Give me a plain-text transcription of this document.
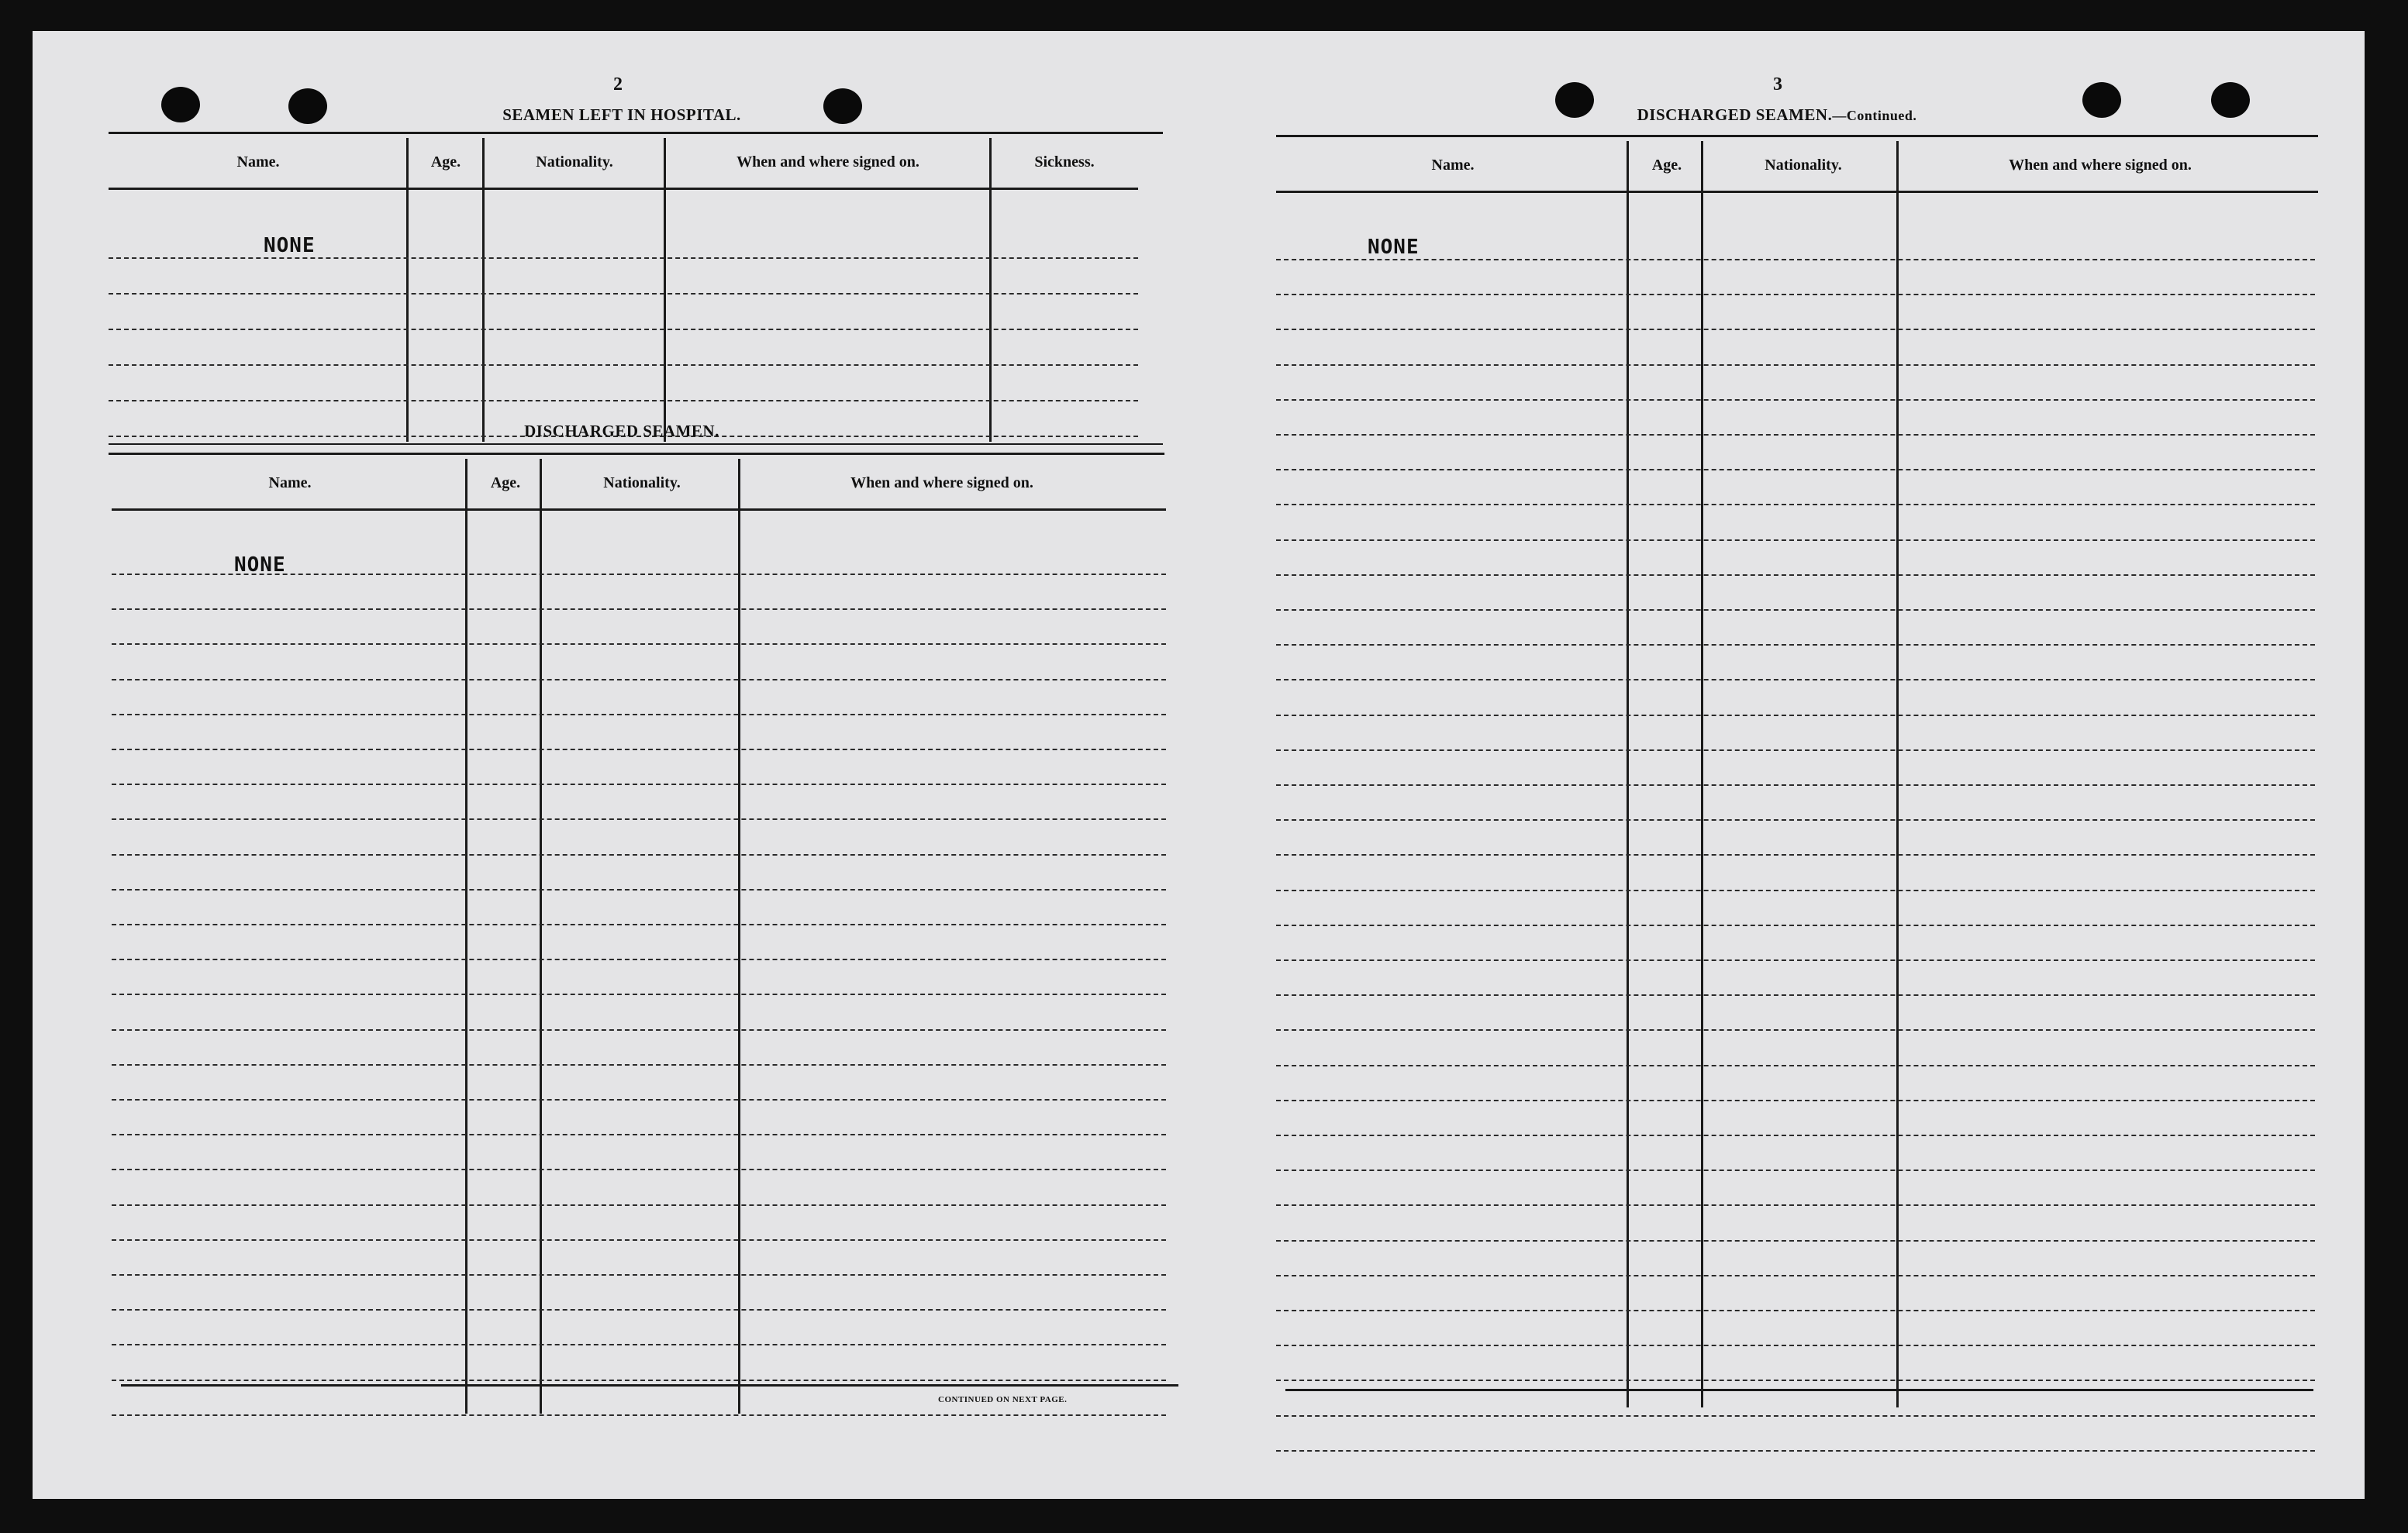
2
SEAMEN LEFT IN HOSPITAL.
Name.	Age.	Nationality.	When and where signed on.	Sickness.
NONE
DISCHARGED SEAMEN.
Name.	Age.	Nationality.	When and where signed on.
NONE
CONTINUED ON NEXT PAGE.
3
DISCHARGED SEAMEN.—Continued.
Name.	Age.	Nationality.	When and where signed on.
NONE
